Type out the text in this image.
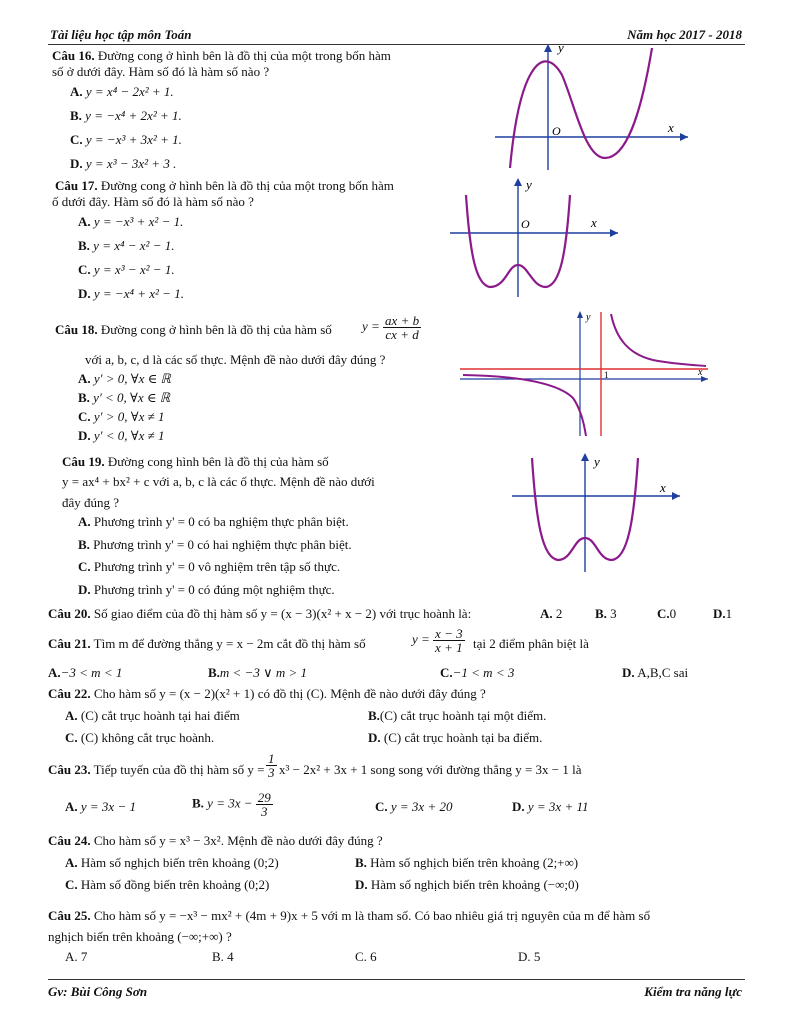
Tài liệu học tập môn Toán	Năm học 2017 - 2018
Câu 16. Đường cong ở hình bên là đồ thị của một trong bốn hàm
số ở dưới đây. Hàm số đó là hàm số nào ?
A. y = x⁴ − 2x² + 1.
B. y = −x⁴ + 2x² + 1.
C. y = −x³ + 3x² + 1.
D. y = x³ − 3x² + 3 .
y
x
O
Câu 17. Đường cong ở hình bên là đồ thị của một trong bốn hàm
ố dưới đây. Hàm số đó là hàm số nào ?
A. y = −x³ + x² − 1.
B. y = x⁴ − x² − 1.
C. y = x³ − x² − 1.
D. y = −x⁴ + x² − 1.
y
x
O
Câu 18. Đường cong ở hình bên là đồ thị của hàm số $y = \frac{ax + b}{cx + d}$
với a, b, c, d là các số thực. Mệnh đề nào dưới đây đúng ?
A. y′ > 0, ∀x ∈ ℝ
B. y′ < 0, ∀x ∈ ℝ
C. y′ > 0, ∀x ≠ 1
D. y′ < 0, ∀x ≠ 1
y
x
1
Câu 19. Đường cong hình bên là đồ thị của hàm số
y = ax⁴ + bx² + c với a, b, c là các ố thực. Mệnh đề nào dưới
đây đúng ?
A. Phương trình y' = 0 có ba nghiệm thực phân biệt.
B. Phương trình y' = 0 có hai nghiệm thực phân biệt.
C. Phương trình y' = 0 vô nghiệm trên tập số thực.
D. Phương trình y' = 0 có đúng một nghiệm thực.
y
x
Câu 20. Số giao điểm của đồ thị hàm số y = (x − 3)(x² + x − 2) với trục hoành là:	A. 2	B. 3	C.0	D.1
Câu 21. Tìm m để đường thẳng y = x − 2m cắt đồ thị hàm số	$y = \frac{x - 3}{x + 1}$ tại 2 điểm phân biệt là
A.−3 < m < 1	B.m < −3 ∨ m > 1	C.−1 < m < 3	D. A,B,C sai
Câu 22. Cho hàm số y = (x − 2)(x² + 1) có đồ thị (C). Mệnh đề nào dưới đây đúng ?
A. (C) cắt trục hoành tại hai điểm	B.(C) cắt trục hoành tại một điểm.
C. (C) không cắt trục hoành.	D. (C) cắt trục hoành tại ba điểm.
Câu 23. Tiếp tuyến của đồ thị hàm số $y = \frac{1}{3} x^3 - 2x^2 + 3x + 1$ song song với đường thẳng y = 3x − 1 là
A. y = 3x − 1	B. $y = 3x - \frac{29}{3}$	C. y = 3x + 20	D. y = 3x + 11
Câu 24. Cho hàm số y = x³ − 3x². Mệnh đề nào dưới đây đúng ?
A. Hàm số nghịch biến trên khoảng (0;2)	B. Hàm số nghịch biến trên khoảng (2;+∞)
C. Hàm số đồng biến trên khoảng (0;2)	D. Hàm số nghịch biến trên khoảng (−∞;0)
Câu 25. Cho hàm số y = −x³ − mx² + (4m + 9)x + 5 với m là tham số. Có bao nhiêu giá trị nguyên của m để hàm số
nghịch biến trên khoảng (−∞;+∞) ?
A. 7	B. 4	C. 6	D. 5
Gv: Bùi Công Sơn	Kiểm tra năng lực
